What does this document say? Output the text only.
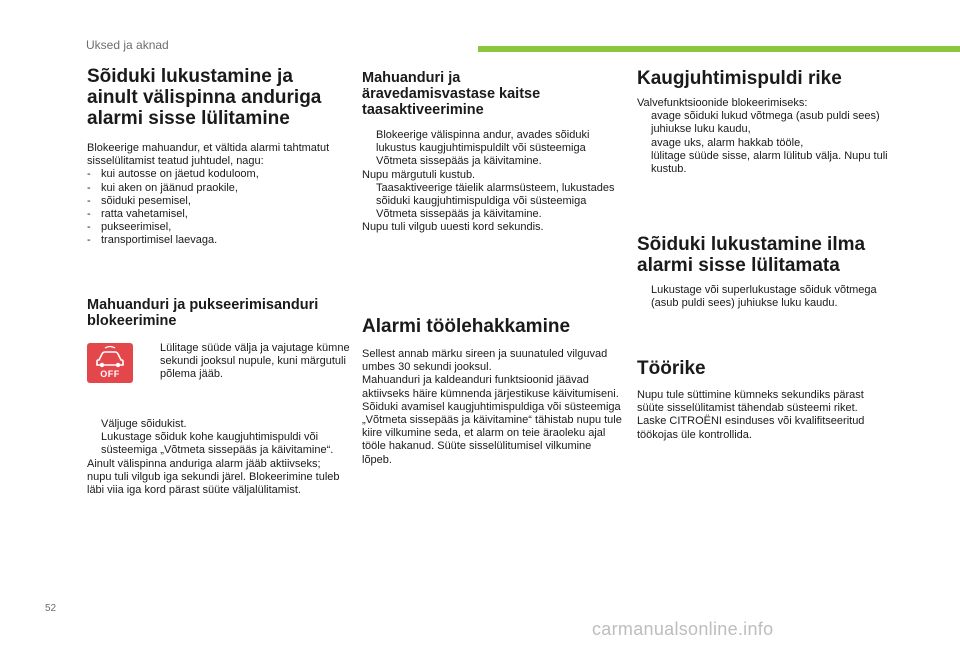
Uksed ja aknad
Sõiduki lukustamine ja ainult välispinna anduriga alarmi sisse lülitamine

Blokeerige mahuandur, et vältida alarmi tahtmatut sisselülitamist teatud juhtudel, nagu:

- kui autosse on jäetud koduloom,

- kui aken on jäänud praokile,

- sõiduki pesemisel,

- ratta vahetamisel,

- pukseerimisel,

- transportimisel laevaga.

Mahuanduri ja pukseerimisanduri blokeerimine
OFF

Lülitage süüde välja ja vajutage kümne sekundi jooksul nupule, kuni märgutuli põlema jääb.

Väljuge sõidukist.

Lukustage sõiduk kohe kaugjuhtimispuldi või süsteemiga „Võtmeta sissepääs ja käivitamine“.

Ainult välispinna anduriga alarm jääb aktiivseks; nupu tuli vilgub iga sekundi järel. Blokeerimine tuleb läbi viia iga kord pärast süüte väljalülitamist.

Mahuanduri ja äravedamisvastase kaitse taasaktiveerimine

Blokeerige välispinna andur, avades sõiduki lukustus kaugjuhtimispuldilt või süsteemiga Võtmeta sissepääs ja käivitamine.

Nupu märgutuli kustub.

Taasaktiveerige täielik alarmsüsteem, lukustades sõiduki kaugjuhtimispuldiga või süsteemiga Võtmeta sissepääs ja käivitamine.

Nupu tuli vilgub uuesti kord sekundis.

Alarmi töölehakkamine

Sellest annab märku sireen ja suunatuled vilguvad umbes 30 sekundi jooksul.
Mahuanduri ja kaldeanduri funktsioonid jäävad aktiivseks häire kümnenda järjestikuse käivitumiseni.
Sõiduki avamisel kaugjuhtimispuldiga või süsteemiga „Võtmeta sissepääs ja käivitamine“ tähistab nupu tule kiire vilkumine seda, et alarm on teie äraoleku ajal tööle hakanud. Süüte sisselülitumisel vilkumine lõpeb.

Kaugjuhtimispuldi rike

Valvefunktsioonide blokeerimiseks:

avage sõiduki lukud võtmega (asub puldi sees) juhiukse luku kaudu,

avage uks, alarm hakkab tööle,

lülitage süüde sisse, alarm lülitub välja. Nupu tuli kustub.

Sõiduki lukustamine ilma alarmi sisse lülitamata

Lukustage või superlukustage sõiduk võtmega (asub puldi sees) juhiukse luku kaudu.

Töörike

Nupu tule süttimine kümneks sekundiks pärast süüte sisselülitamist tähendab süsteemi riket.
Laske CITROËNI esinduses või kvalifitseeritud töökojas üle kontrollida.

52
carmanualsonline.info
